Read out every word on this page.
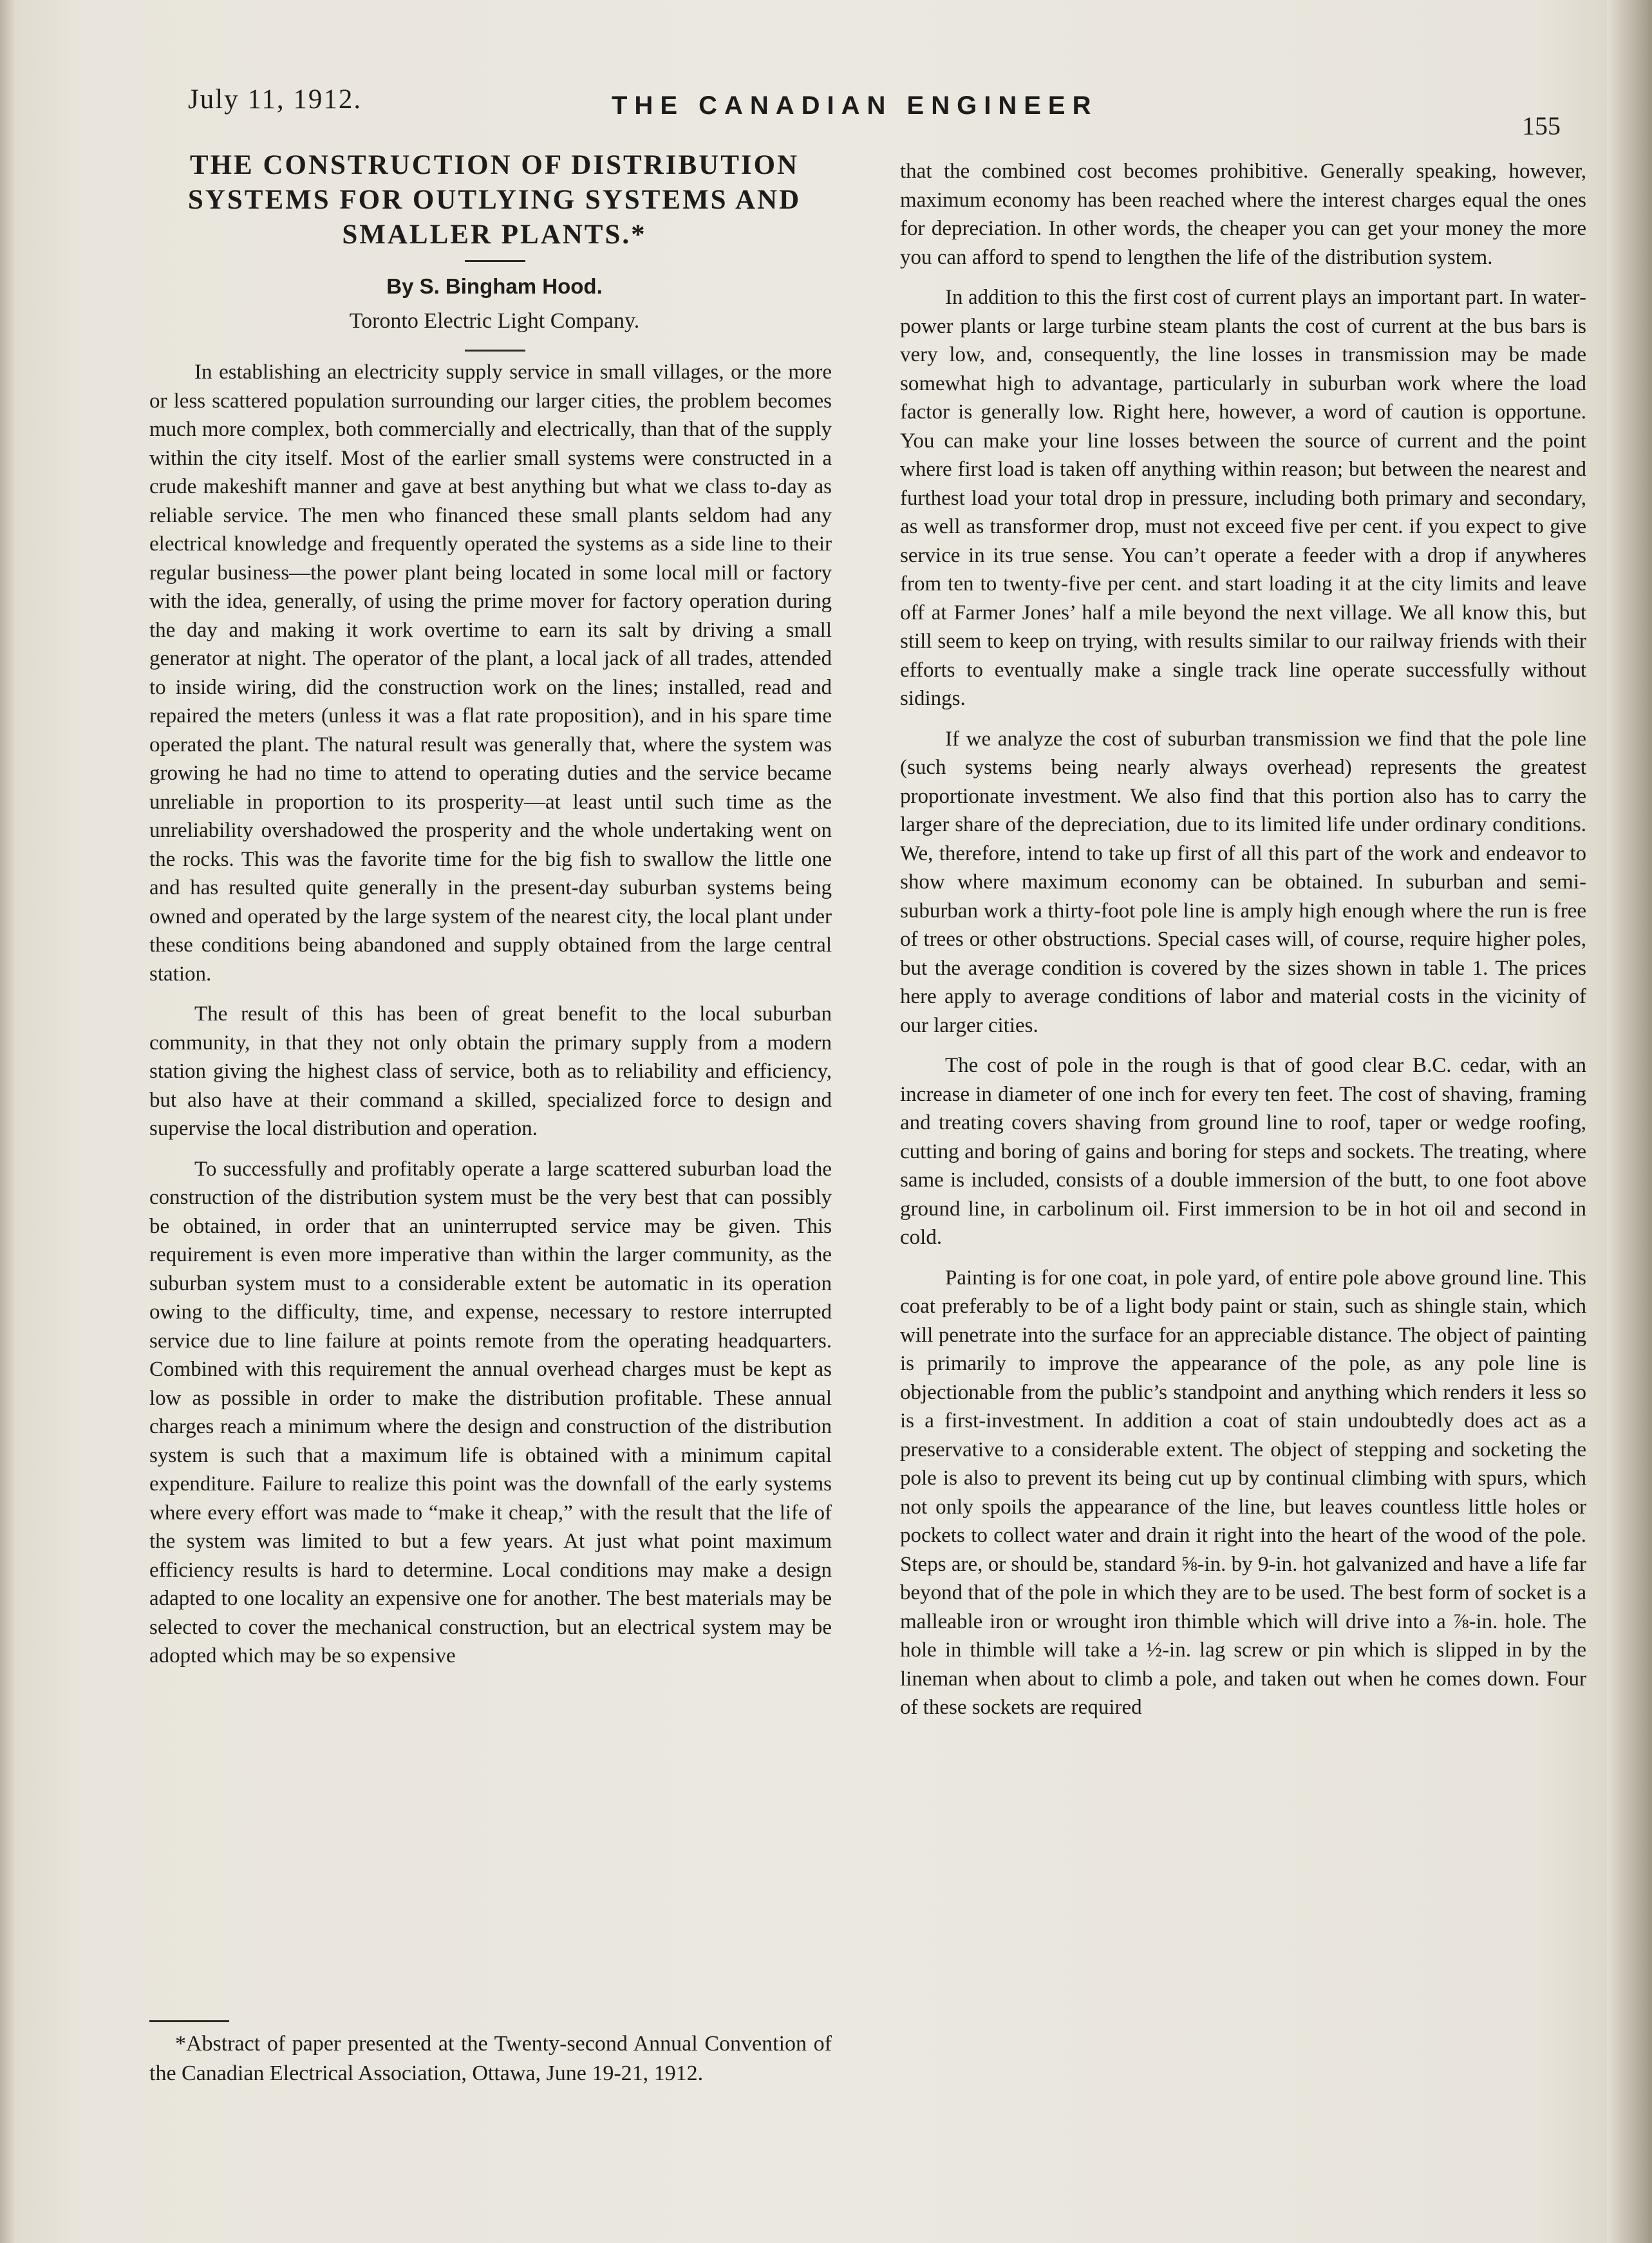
July 11, 1912.	THE CANADIAN ENGINEER
155
THE CONSTRUCTION OF DISTRIBUTION SYSTEMS FOR OUTLYING SYSTEMS AND SMALLER PLANTS.*
By S. Bingham Hood.
Toronto Electric Light Company.

In establishing an electricity supply service in small villages, or the more or less scattered population surrounding our larger cities, the problem becomes much more complex, both commercially and electrically, than that of the supply within the city itself. Most of the earlier small systems were constructed in a crude makeshift manner and gave at best anything but what we class to-day as reliable service. The men who financed these small plants seldom had any electrical knowledge and frequently operated the systems as a side line to their regular business—the power plant being located in some local mill or factory with the idea, generally, of using the prime mover for factory operation during the day and making it work overtime to earn its salt by driving a small generator at night. The operator of the plant, a local jack of all trades, attended to inside wiring, did the construction work on the lines; installed, read and repaired the meters (unless it was a flat rate proposition), and in his spare time operated the plant. The natural result was generally that, where the system was growing he had no time to attend to operating duties and the service became unreliable in proportion to its prosperity—at least until such time as the unreliability overshadowed the prosperity and the whole undertaking went on the rocks. This was the favorite time for the big fish to swallow the little one and has resulted quite generally in the present-day suburban systems being owned and operated by the large system of the nearest city, the local plant under these conditions being abandoned and supply obtained from the large central station.

The result of this has been of great benefit to the local suburban community, in that they not only obtain the primary supply from a modern station giving the highest class of service, both as to reliability and efficiency, but also have at their command a skilled, specialized force to design and supervise the local distribution and operation.

To successfully and profitably operate a large scattered suburban load the construction of the distribution system must be the very best that can possibly be obtained, in order that an uninterrupted service may be given. This requirement is even more imperative than within the larger community, as the suburban system must to a considerable extent be automatic in its operation owing to the difficulty, time, and expense, necessary to restore interrupted service due to line failure at points remote from the operating headquarters. Combined with this requirement the annual overhead charges must be kept as low as possible in order to make the distribution profitable. These annual charges reach a minimum where the design and construction of the distribution system is such that a maximum life is obtained with a minimum capital expenditure. Failure to realize this point was the downfall of the early systems where every effort was made to “make it cheap,” with the result that the life of the system was limited to but a few years. At just what point maximum efficiency results is hard to determine. Local conditions may make a design adapted to one locality an expensive one for another. The best materials may be selected to cover the mechanical construction, but an electrical system may be adopted which may be so expensive

*Abstract of paper presented at the Twenty-second Annual Convention of the Canadian Electrical Association, Ottawa, June 19-21, 1912.

that the combined cost becomes prohibitive. Generally speaking, however, maximum economy has been reached where the interest charges equal the ones for depreciation. In other words, the cheaper you can get your money the more you can afford to spend to lengthen the life of the distribution system.

In addition to this the first cost of current plays an important part. In water-power plants or large turbine steam plants the cost of current at the bus bars is very low, and, consequently, the line losses in transmission may be made somewhat high to advantage, particularly in suburban work where the load factor is generally low. Right here, however, a word of caution is opportune. You can make your line losses between the source of current and the point where first load is taken off anything within reason; but between the nearest and furthest load your total drop in pressure, including both primary and secondary, as well as transformer drop, must not exceed five per cent. if you expect to give service in its true sense. You can’t operate a feeder with a drop if anywheres from ten to twenty-five per cent. and start loading it at the city limits and leave off at Farmer Jones’ half a mile beyond the next village. We all know this, but still seem to keep on trying, with results similar to our railway friends with their efforts to eventually make a single track line operate successfully without sidings.

If we analyze the cost of suburban transmission we find that the pole line (such systems being nearly always overhead) represents the greatest proportionate investment. We also find that this portion also has to carry the larger share of the depreciation, due to its limited life under ordinary conditions. We, therefore, intend to take up first of all this part of the work and endeavor to show where maximum economy can be obtained. In suburban and semi-suburban work a thirty-foot pole line is amply high enough where the run is free of trees or other obstructions. Special cases will, of course, require higher poles, but the average condition is covered by the sizes shown in table 1. The prices here apply to average conditions of labor and material costs in the vicinity of our larger cities.

The cost of pole in the rough is that of good clear B.C. cedar, with an increase in diameter of one inch for every ten feet. The cost of shaving, framing and treating covers shaving from ground line to roof, taper or wedge roofing, cutting and boring of gains and boring for steps and sockets. The treating, where same is included, consists of a double immersion of the butt, to one foot above ground line, in carbolinum oil. First immersion to be in hot oil and second in cold.

Painting is for one coat, in pole yard, of entire pole above ground line. This coat preferably to be of a light body paint or stain, such as shingle stain, which will penetrate into the surface for an appreciable distance. The object of painting is primarily to improve the appearance of the pole, as any pole line is objectionable from the public’s standpoint and anything which renders it less so is a first-investment. In addition a coat of stain undoubtedly does act as a preservative to a considerable extent. The object of stepping and socketing the pole is also to prevent its being cut up by continual climbing with spurs, which not only spoils the appearance of the line, but leaves countless little holes or pockets to collect water and drain it right into the heart of the wood of the pole. Steps are, or should be, standard ⅝-in. by 9-in. hot galvanized and have a life far beyond that of the pole in which they are to be used. The best form of socket is a malleable iron or wrought iron thimble which will drive into a ⅞-in. hole. The hole in thimble will take a ½-in. lag screw or pin which is slipped in by the lineman when about to climb a pole, and taken out when he comes down. Four of these sockets are required
